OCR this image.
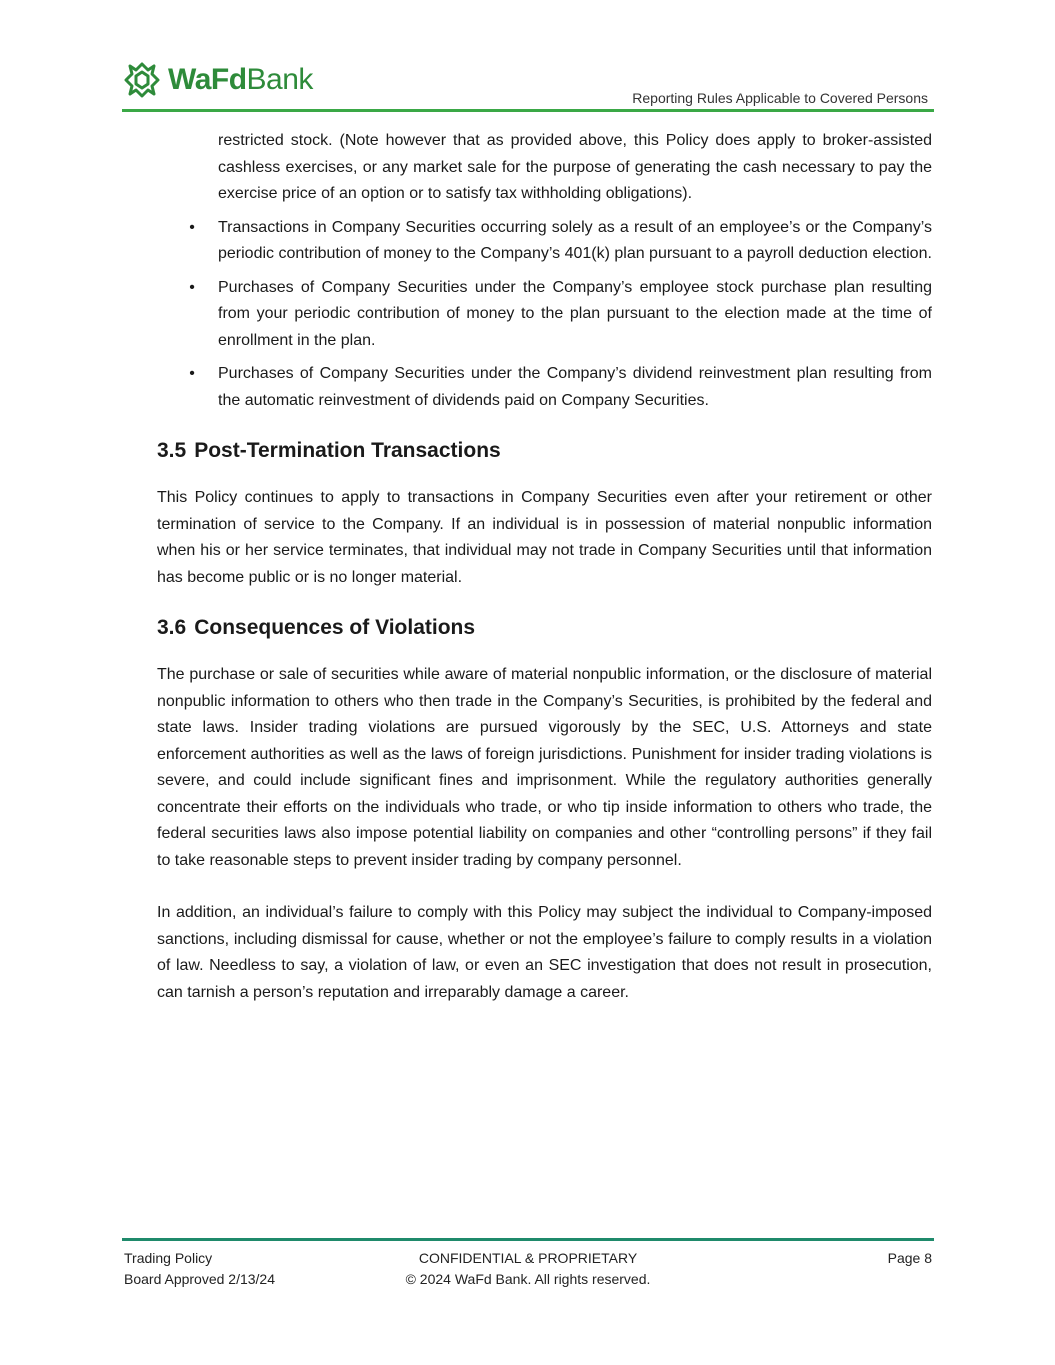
WaFdBank
Reporting Rules Applicable to Covered Persons

restricted stock. (Note however that as provided above, this Policy does apply to broker-assisted cashless exercises, or any market sale for the purpose of generating the cash necessary to pay the exercise price of an option or to satisfy tax withholding obligations).

• Transactions in Company Securities occurring solely as a result of an employee’s or the Company’s periodic contribution of money to the Company’s 401(k) plan pursuant to a payroll deduction election.
• Purchases of Company Securities under the Company’s employee stock purchase plan resulting from your periodic contribution of money to the plan pursuant to the election made at the time of enrollment in the plan.
• Purchases of Company Securities under the Company’s dividend reinvestment plan resulting from the automatic reinvestment of dividends paid on Company Securities.
3.5 Post-Termination Transactions

This Policy continues to apply to transactions in Company Securities even after your retirement or other termination of service to the Company. If an individual is in possession of material nonpublic information when his or her service terminates, that individual may not trade in Company Securities until that information has become public or is no longer material.

3.6 Consequences of Violations

The purchase or sale of securities while aware of material nonpublic information, or the disclosure of material nonpublic information to others who then trade in the Company’s Securities, is prohibited by the federal and state laws. Insider trading violations are pursued vigorously by the SEC, U.S. Attorneys and state enforcement authorities as well as the laws of foreign jurisdictions. Punishment for insider trading violations is severe, and could include significant fines and imprisonment. While the regulatory authorities generally concentrate their efforts on the individuals who trade, or who tip inside information to others who trade, the federal securities laws also impose potential liability on companies and other “controlling persons” if they fail to take reasonable steps to prevent insider trading by company personnel.

In addition, an individual’s failure to comply with this Policy may subject the individual to Company-imposed sanctions, including dismissal for cause, whether or not the employee’s failure to comply results in a violation of law. Needless to say, a violation of law, or even an SEC investigation that does not result in prosecution, can tarnish a person’s reputation and irreparably damage a career.

Trading Policy
Board Approved 2/13/24
CONFIDENTIAL & PROPRIETARY
© 2024 WaFd Bank. All rights reserved.
Page 8
